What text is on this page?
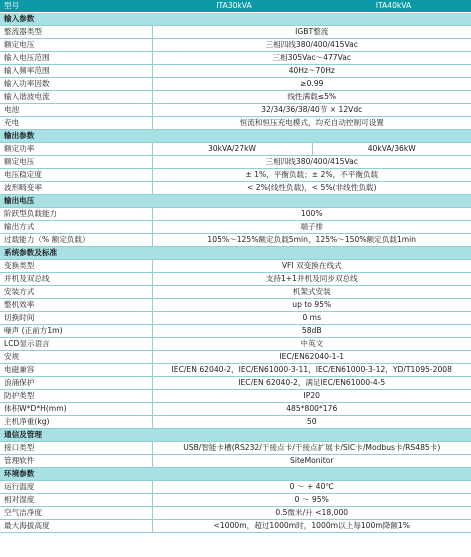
型号	ITA30kVA	ITA40kVA
输入参数		
整流器类型	IGBT整流	
额定电压	三相四线380/400/415Vac	
输入电压范围	三相305Vac～477Vac	
输入频率范围	40Hz～70Hz	
输入功率因数	≥0.99	
输入谐波电流	线性满载≤5%	
电池	32/34/36/38/40节 × 12Vdc	
充电	恒流和恒压充电模式，均充自动控制可设置	
输出参数		
额定功率	30kVA/27kW	40kVA/36kW
额定电压	三相四线380/400/415Vac	
电压稳定度	± 1%，平衡负载；± 2%，不平衡负载	
波形畸变率	< 2%(线性负载)，< 5%(非线性负载)	
输出电压		
阶跃型负载能力	100%	
输出方式	端子排	
过载能力（% 额定负载）	105%～125%额定负载5min，125%～150%额定负载1min	
系统参数及标准		
变换类型	VFI 双变换在线式	
并机及双总线	支持1+1并机及同步双总线	
安装方式	机架式安装	
整机效率	up to 95%	
切换时间	0 ms	
噪声 (正前方1m)	58dB	
LCD显示语言	中英文	
安规	IEC/EN62040-1-1	
电磁兼容	IEC/EN 62040-2，IEC/EN61000-3-11，IEC/EN61000-3-12，YD/T1095-2008	
浪涌保护	IEC/EN 62040-2，满足IEC/EN61000-4-5	
防护类型	IP20	
体积W*D*H(mm)	485*800*176	
主机净重(kg)	50	
通信及管理		
接口类型	USB/智能卡槽(RS232/干接点卡/干接点扩展卡/SIC卡/Modbus卡/RS485卡)	
管理软件	SiteMonitor	
环境参数		
运行温度	0 ～ + 40℃	
相对湿度	0 ～ 95%	
空气洁净度	0.5微米/升 <18,000	
最大海拔高度	<1000m，超过1000m时，1000m以上每100m降额1%	
